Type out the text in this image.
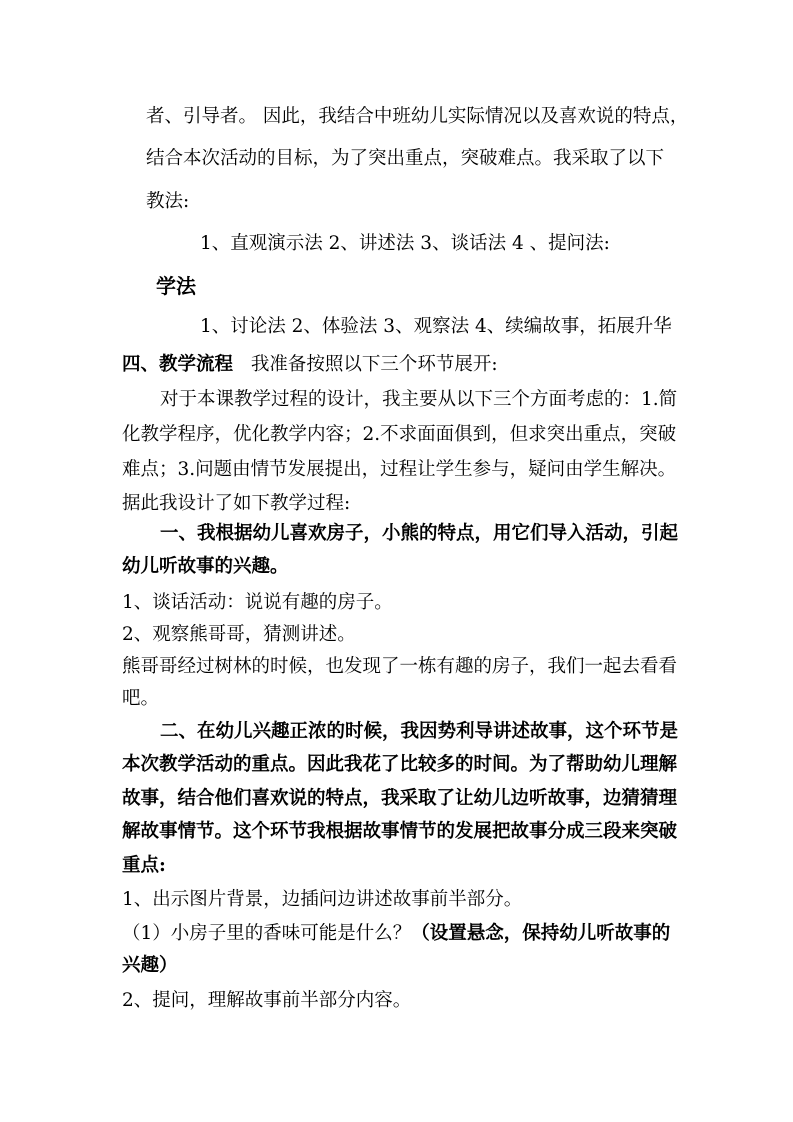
者、引导者。 因此，我结合中班幼儿实际情况以及喜欢说的特点，
结合本次活动的目标，为了突出重点，突破难点。我采取了以下
教法:
1、直观演示法 2、讲述法 3、谈话法 4 、提问法:
学法
1、讨论法 2、体验法 3、观察法 4、续编故事，拓展升华
四、教学流程 我准备按照以下三个环节展开:
对于本课教学过程的设计，我主要从以下三个方面考虑的：1.简
化教学程序，优化教学内容；2.不求面面俱到，但求突出重点，突破
难点；3.问题由情节发展提出，过程让学生参与，疑问由学生解决。
据此我设计了如下教学过程:
一、我根据幼儿喜欢房子，小熊的特点，用它们导入活动，引起
幼儿听故事的兴趣。
1、谈话活动：说说有趣的房子。
2、观察熊哥哥，猜测讲述。
熊哥哥经过树林的时候，也发现了一栋有趣的房子，我们一起去看看
吧。
二、在幼儿兴趣正浓的时候，我因势利导讲述故事，这个环节是
本次教学活动的重点。因此我花了比较多的时间。为了帮助幼儿理解
故事，结合他们喜欢说的特点，我采取了让幼儿边听故事，边猜猜理
解故事情节。这个环节我根据故事情节的发展把故事分成三段来突破
重点:
1、出示图片背景，边插问边讲述故事前半部分。
（1）小房子里的香味可能是什么？（设置悬念，保持幼儿听故事的
兴趣）
2、提问，理解故事前半部分内容。
